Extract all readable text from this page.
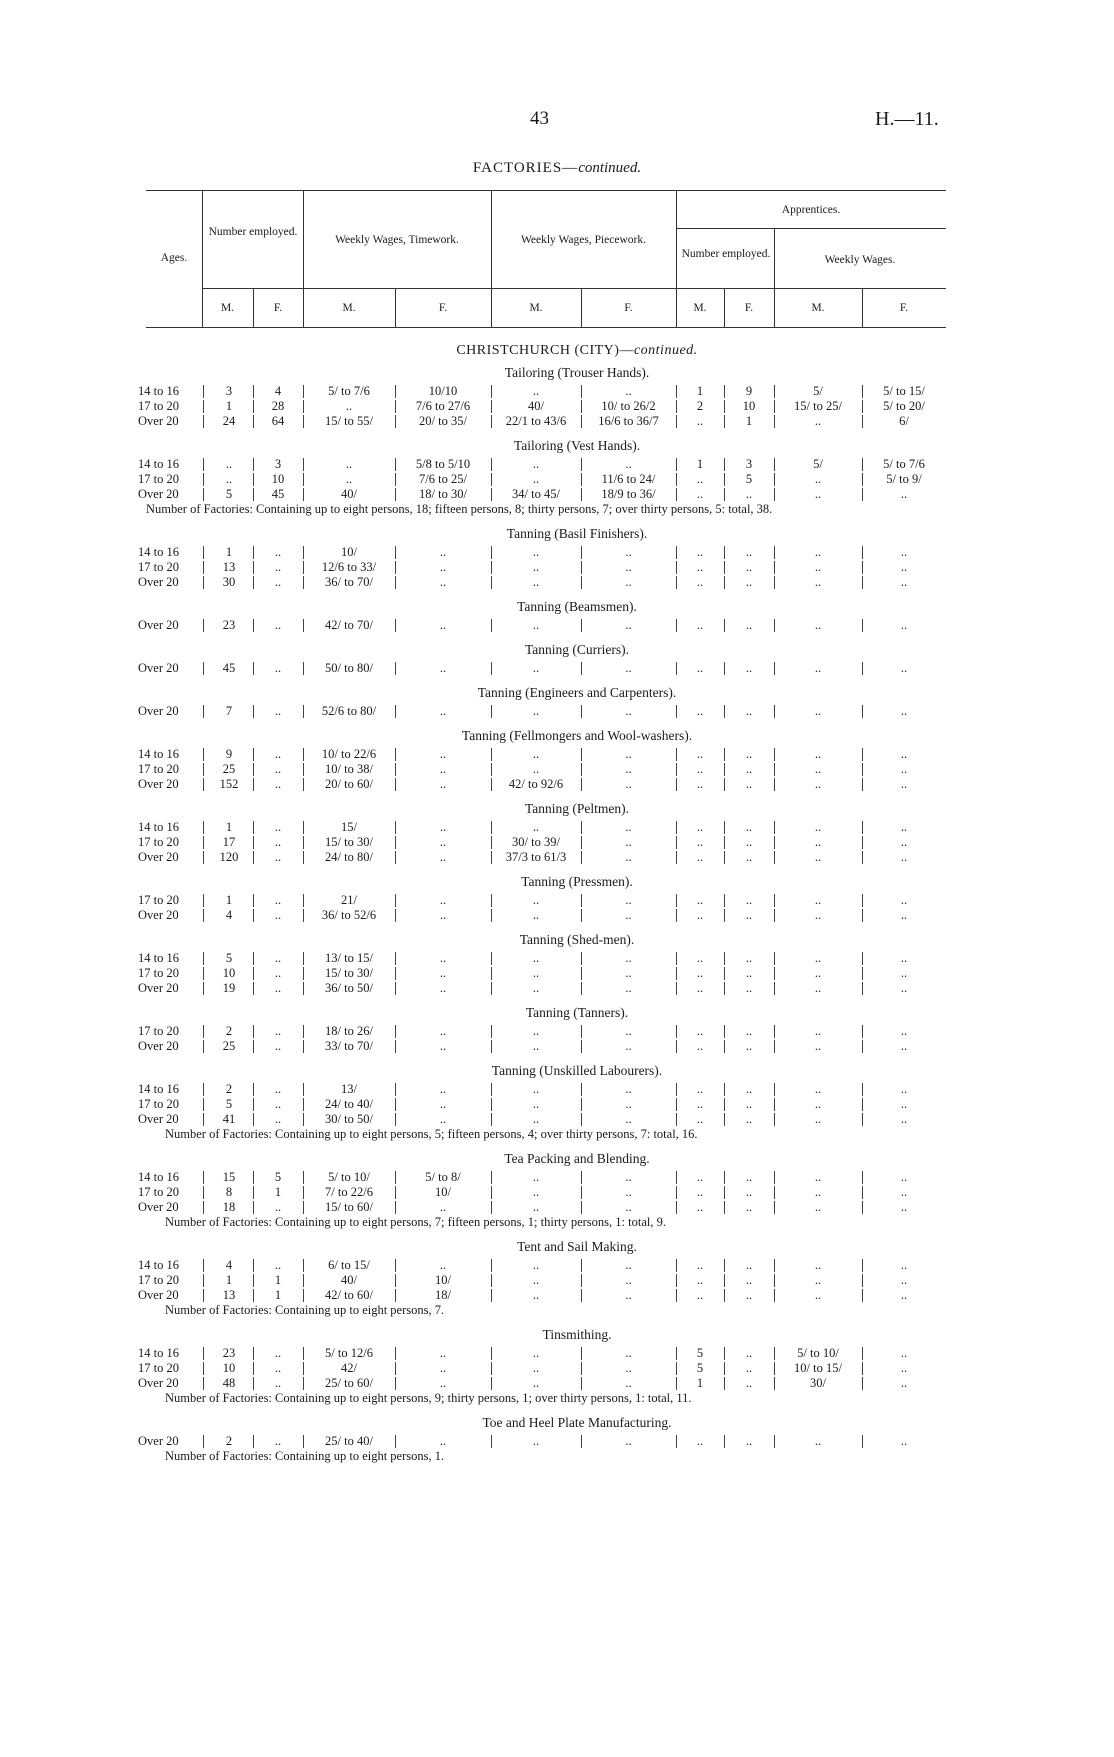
43	H.—11.
FACTORIES—continued.
Ages.
Number employed.
Weekly Wages, Timework.	Weekly Wages, Piecework.
Apprentices.
Number employed.	Weekly Wages.
M.	F.	M.	F.	M.	F.	M.	F.	M.	F.
CHRISTCHURCH (CITY)—continued.
Tailoring (Trouser Hands).
14 to 16	3	4	5/ to 7/6	10/10	..	..	1	9	5/	5/ to 15/
17 to 20	1	28	..	7/6 to 27/6	40/	10/ to 26/2	2	10	15/ to 25/	5/ to 20/
Over 20	24	64	15/ to 55/	20/ to 35/	22/1 to 43/6	16/6 to 36/7	..	1	..	6/
Tailoring (Vest Hands).
14 to 16	..	3	..	5/8 to 5/10	..	..	1	3	5/	5/ to 7/6
17 to 20	..	10	..	7/6 to 25/	..	11/6 to 24/	..	5	..	5/ to 9/
Over 20	5	45	40/	18/ to 30/	34/ to 45/	18/9 to 36/	..	..	..	..
Number of Factories: Containing up to eight persons, 18; fifteen persons, 8; thirty persons, 7; over thirty persons, 5: total, 38.
Tanning (Basil Finishers).
14 to 16	1	..	10/	..	..	..	..	..	..	..
17 to 20	13	..	12/6 to 33/	..	..	..	..	..	..	..
Over 20	30	..	36/ to 70/	..	..	..	..	..	..	..
Tanning (Beamsmen).
Over 20	23	..	42/ to 70/	..	..	..	..	..	..	..
Tanning (Curriers).
Over 20	45	..	50/ to 80/	..	..	..	..	..	..	..
Tanning (Engineers and Carpenters).
Over 20	7	..	52/6 to 80/	..	..	..	..	..	..	..
Tanning (Fellmongers and Wool-washers).
14 to 16	9	..	10/ to 22/6	..	..	..	..	..	..	..
17 to 20	25	..	10/ to 38/	..	..	..	..	..	..	..
Over 20	152	..	20/ to 60/	..	42/ to 92/6	..	..	..	..	..
Tanning (Peltmen).
14 to 16	1	..	15/	..	..	..	..	..	..	..
17 to 20	17	..	15/ to 30/	..	30/ to 39/	..	..	..	..	..
Over 20	120	..	24/ to 80/	..	37/3 to 61/3	..	..	..	..	..
Tanning (Pressmen).
17 to 20	1	..	21/	..	..	..	..	..	..	..
Over 20	4	..	36/ to 52/6	..	..	..	..	..	..	..
Tanning (Shed-men).
14 to 16	5	..	13/ to 15/	..	..	..	..	..	..	..
17 to 20	10	..	15/ to 30/	..	..	..	..	..	..	..
Over 20	19	..	36/ to 50/	..	..	..	..	..	..	..
Tanning (Tanners).
17 to 20	2	..	18/ to 26/	..	..	..	..	..	..	..
Over 20	25	..	33/ to 70/	..	..	..	..	..	..	..
Tanning (Unskilled Labourers).
14 to 16	2	..	13/	..	..	..	..	..	..	..
17 to 20	5	..	24/ to 40/	..	..	..	..	..	..	..
Over 20	41	..	30/ to 50/	..	..	..	..	..	..	..
Number of Factories: Containing up to eight persons, 5; fifteen persons, 4; over thirty persons, 7: total, 16.
Tea Packing and Blending.
14 to 16	15	5	5/ to 10/	5/ to 8/	..	..	..	..	..	..
17 to 20	8	1	7/ to 22/6	10/	..	..	..	..	..	..
Over 20	18	..	15/ to 60/	..	..	..	..	..	..	..
Number of Factories: Containing up to eight persons, 7; fifteen persons, 1; thirty persons, 1: total, 9.
Tent and Sail Making.
14 to 16	4	..	6/ to 15/	..	..	..	..	..	..	..
17 to 20	1	1	40/	10/	..	..	..	..	..	..
Over 20	13	1	42/ to 60/	18/	..	..	..	..	..	..
Number of Factories: Containing up to eight persons, 7.
Tinsmithing.
14 to 16	23	..	5/ to 12/6	..	..	..	5	..	5/ to 10/	..
17 to 20	10	..	42/	..	..	..	5	..	10/ to 15/	..
Over 20	48	..	25/ to 60/	..	..	..	1	..	30/	..
Number of Factories: Containing up to eight persons, 9; thirty persons, 1; over thirty persons, 1: total, 11.
Toe and Heel Plate Manufacturing.
Over 20	2	..	25/ to 40/	..	..	..	..	..	..	..
Number of Factories: Containing up to eight persons, 1.
